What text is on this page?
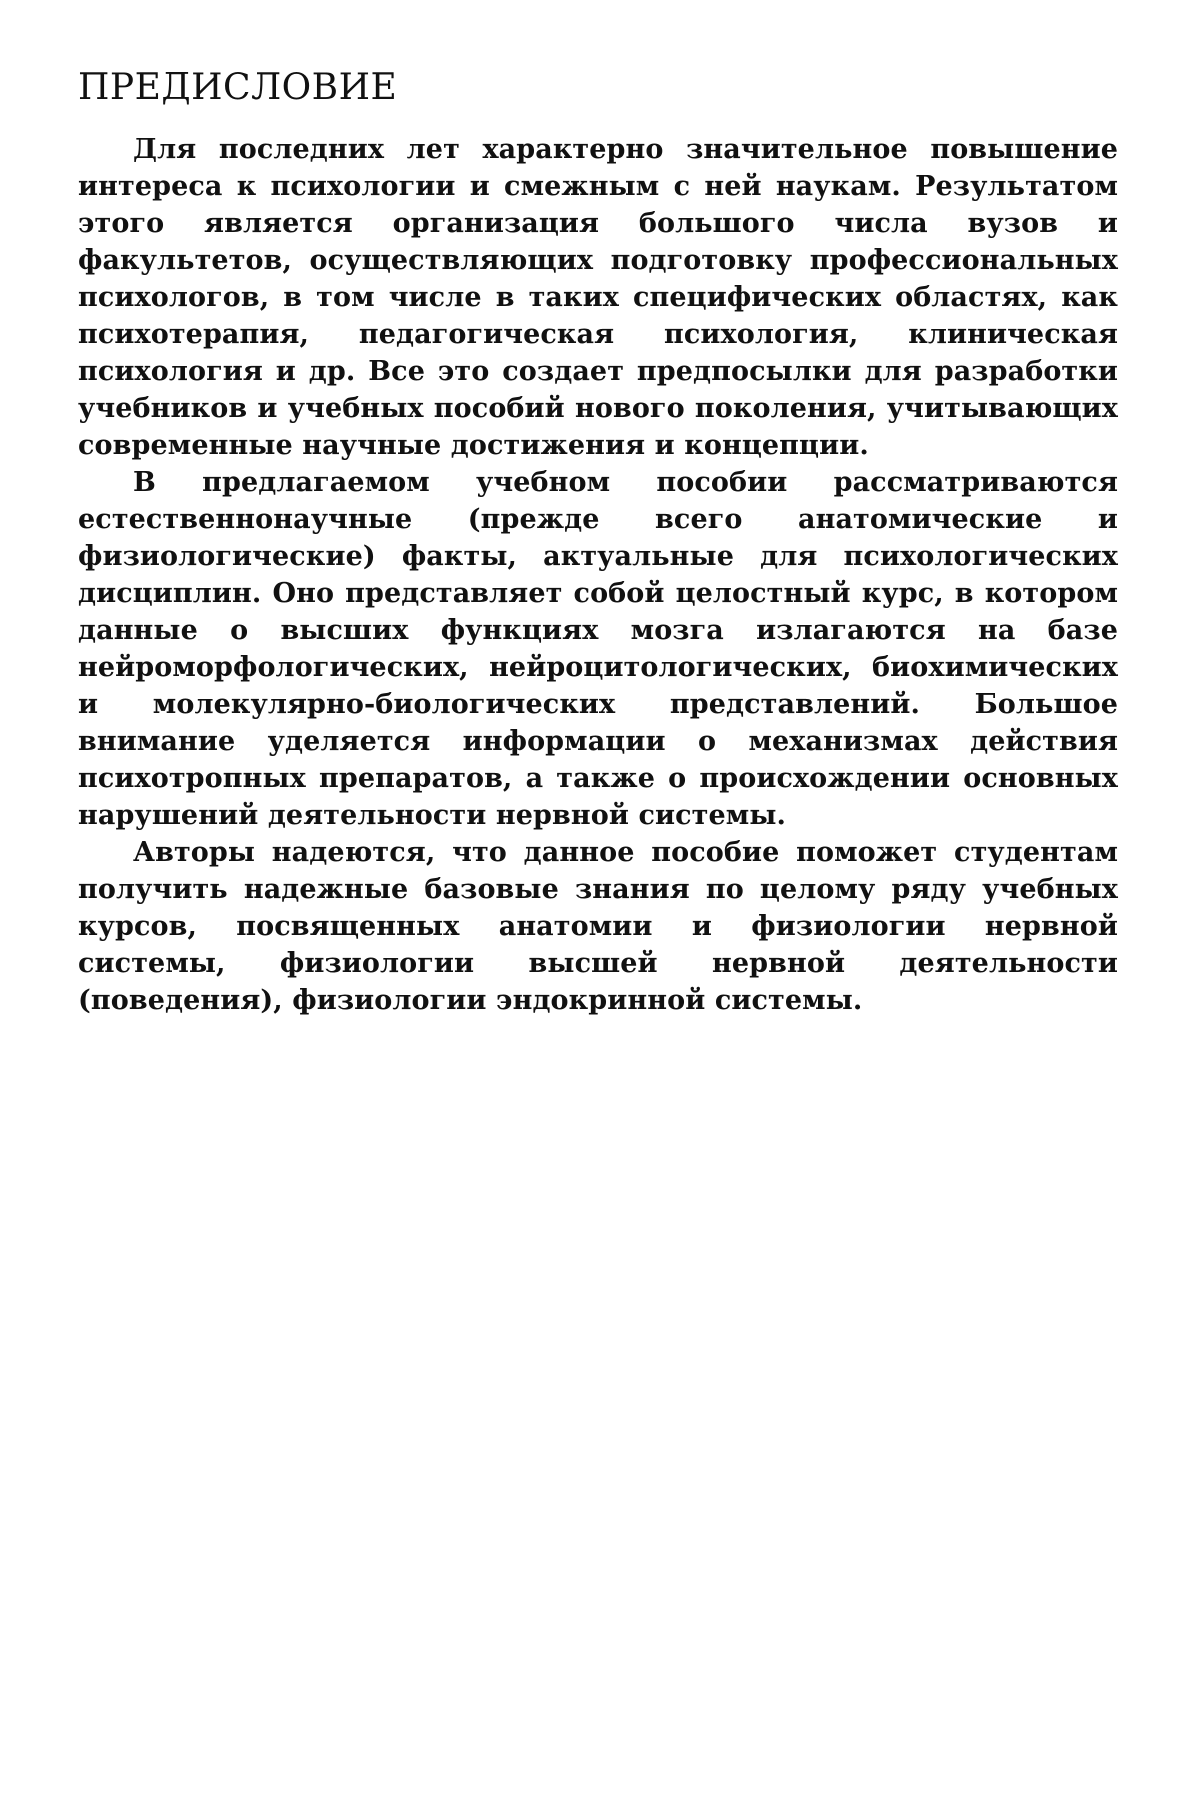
ПРЕДИСЛОВИЕ

Для последних лет характерно значительное повышение интереса к психологии и смежным с ней наукам. Результатом этого является организация большого числа вузов и факультетов, осуществляющих подготовку профессиональных психологов, в том числе в таких специфических областях, как психотерапия, педагогическая психология, клиническая психология и др. Все это создает предпосылки для разработки учебников и учебных пособий нового поколения, учитывающих современные научные достижения и концепции.

В предлагаемом учебном пособии рассматриваются естественнонаучные (прежде всего анатомические и физиологические) факты, актуальные для психологических дисциплин. Оно представляет собой целостный курс, в котором данные о высших функциях мозга излагаются на базе нейроморфологических, нейроцитологических, биохимических и молекулярно-биологических представлений. Большое внимание уделяется информации о механизмах действия психотропных препаратов, а также о происхождении основных нарушений деятельности нервной системы.

Авторы надеются, что данное пособие поможет студентам получить надежные базовые знания по целому ряду учебных курсов, посвященных анатомии и физиологии нервной системы, физиологии высшей нервной деятельности (поведения), физиологии эндокринной системы.
